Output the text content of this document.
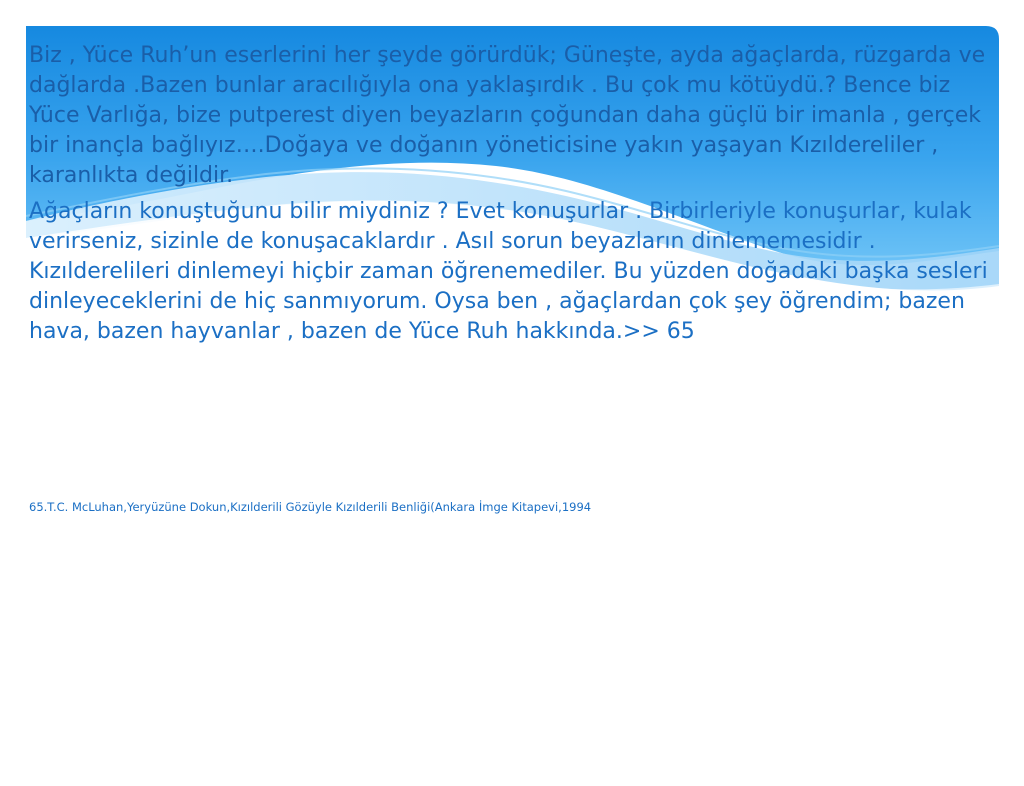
Biz , Yüce Ruh’un eserlerini her şeyde görürdük; Güneşte, ayda ağaçlarda, rüzgarda ve dağlarda .Bazen bunlar aracılığıyla ona yaklaşırdık . Bu çok mu kötüydü.? Bence biz Yüce Varlığa, bize putperest diyen beyazların çoğundan daha güçlü bir imanla , gerçek bir inançla bağlıyız….Doğaya ve doğanın yöneticisine yakın yaşayan Kızıldereliler , karanlıkta değildir.

Ağaçların konuştuğunu bilir miydiniz ? Evet konuşurlar . Birbirleriyle konuşurlar, kulak verirseniz, sizinle de konuşacaklardır . Asıl sorun beyazların dinlememesidir . Kızılderelileri dinlemeyi hiçbir zaman öğrenemediler. Bu yüzden doğadaki başka sesleri dinleyeceklerini de hiç sanmıyorum. Oysa ben , ağaçlardan çok şey öğrendim; bazen hava, bazen hayvanlar , bazen de Yüce Ruh hakkında.>> 65

65.T.C. McLuhan,Yeryüzüne Dokun,Kızılderili Gözüyle Kızılderili Benliği(Ankara İmge Kitapevi,1994
